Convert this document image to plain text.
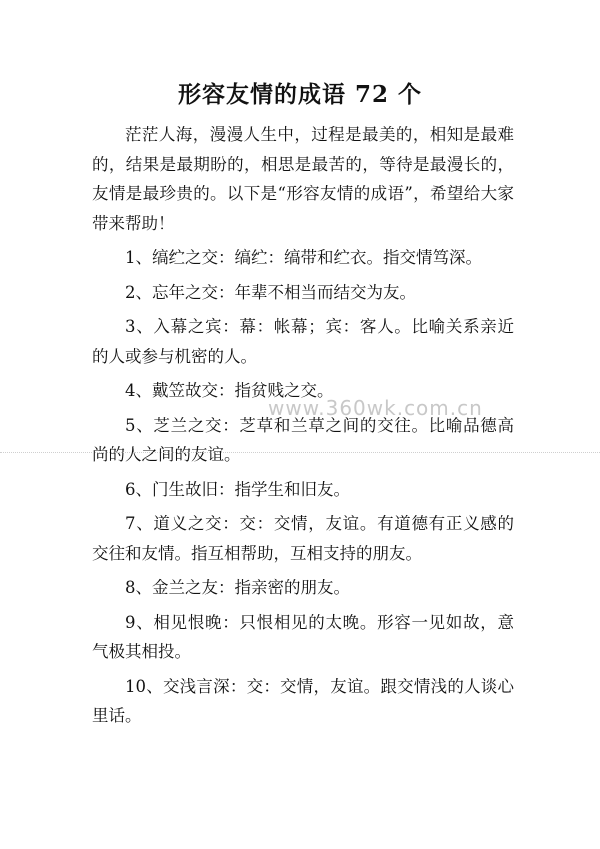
形容友情的成语 72 个

茫茫人海，漫漫人生中，过程是最美的，相知是最难的，结果是最期盼的，相思是最苦的，等待是最漫长的，友情是最珍贵的。以下是“形容友情的成语”，希望给大家带来帮助！

1、缟纻之交：缟纻：缟带和纻衣。指交情笃深。

2、忘年之交：年辈不相当而结交为友。

3、入幕之宾：幕：帐幕；宾：客人。比喻关系亲近的人或参与机密的人。

4、戴笠故交：指贫贱之交。

5、芝兰之交：芝草和兰草之间的交往。比喻品德高尚的人之间的友谊。

6、门生故旧：指学生和旧友。

7、道义之交：交：交情，友谊。有道德有正义感的交往和友情。指互相帮助，互相支持的朋友。

8、金兰之友：指亲密的朋友。

9、相见恨晚：只恨相见的太晚。形容一见如故，意气极其相投。

10、交浅言深：交：交情，友谊。跟交情浅的人谈心里话。

www.360wk.com.cn
